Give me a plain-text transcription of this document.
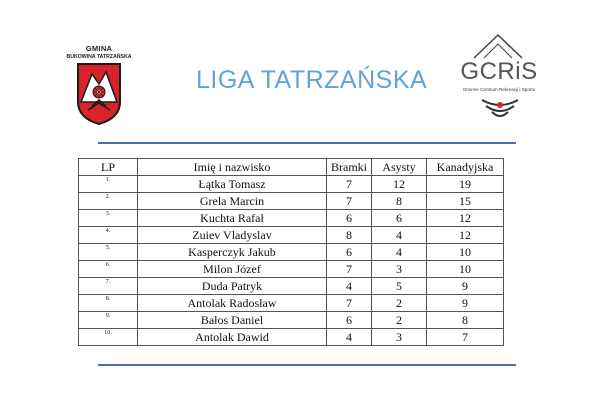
GMINA
BUKOWINA TATRZAŃSKA
LIGA TATRZAŃSKA GCRiS
Gminne Centrum Rekreacji i Sportu
LP	Imię i nazwisko	Bramki	Asysty	Kanadyjska
1.	Łątka Tomasz	7	12	19
2.	Grela Marcin	7	8	15
3.	Kuchta Rafał	6	6	12
4.	Zuiev Vladyslav	8	4	12
5.	Kasperczyk Jakub	6	4	10
6.	Milon Józef	7	3	10
7.	Duda Patryk	4	5	9
8.	Antolak Radosław	7	2	9
9.	Bałos Daniel	6	2	8
10.	Antolak Dawid	4	3	7
